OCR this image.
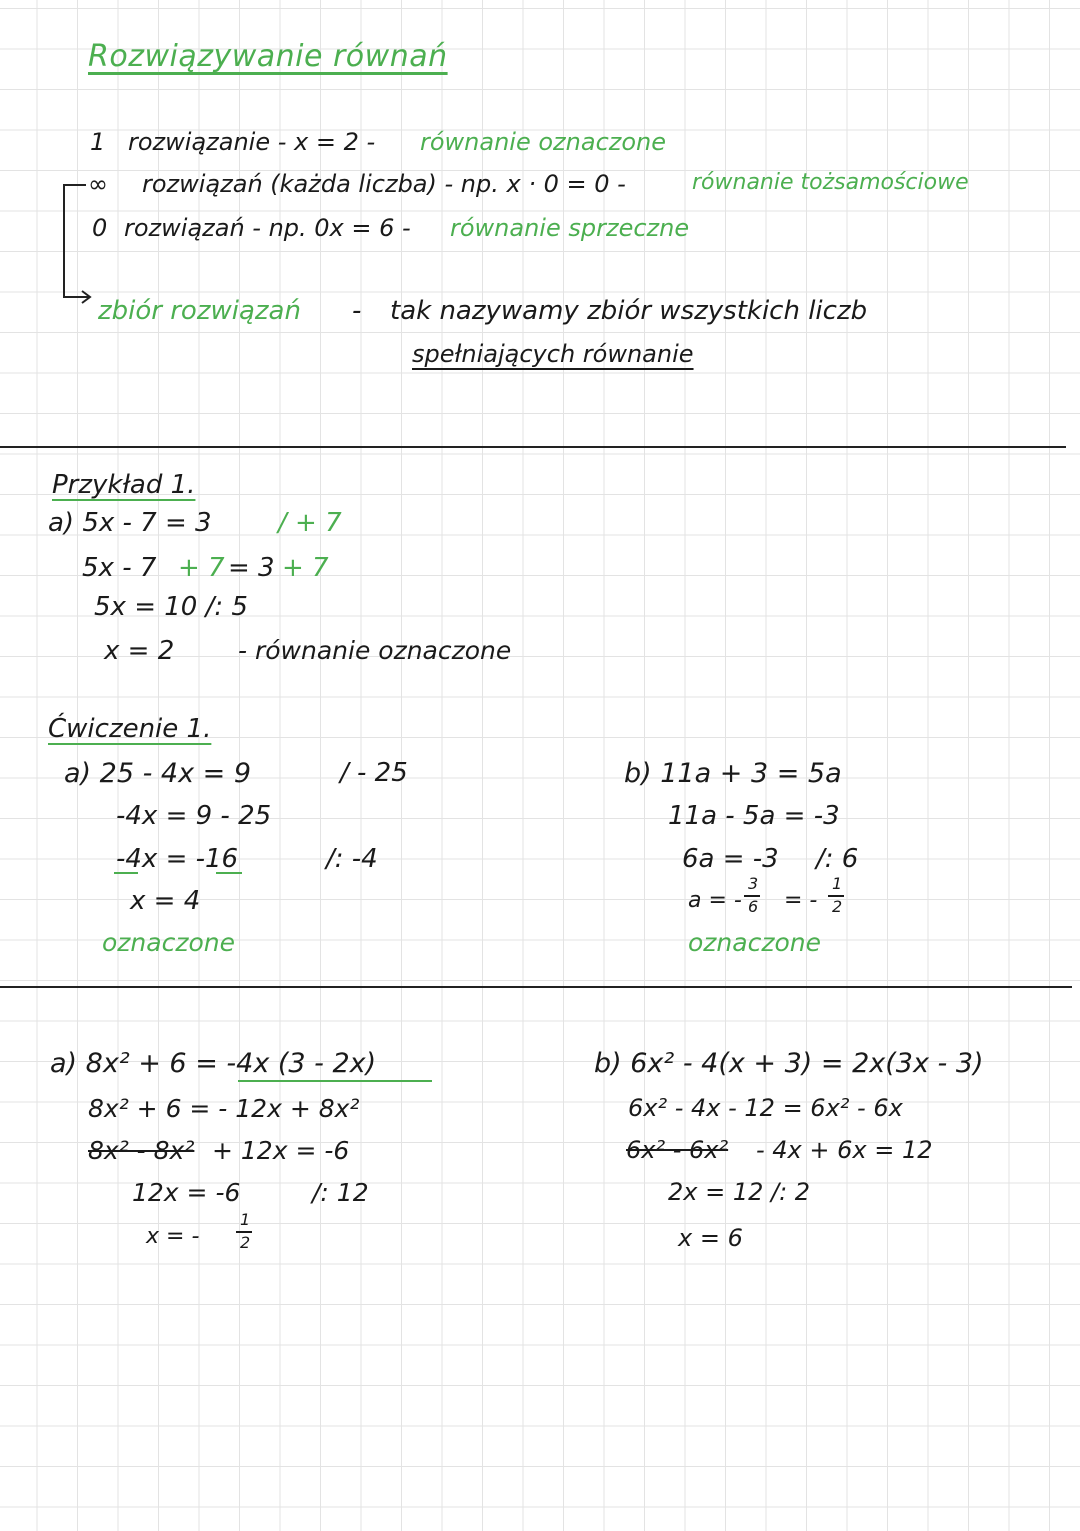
Rozwiązywanie równań
1 rozwiązanie - x = 2 - równanie oznaczone
∞ rozwiązań (każda liczba) - np. x · 0 = 0 -	równanie tożsamościowe
0 rozwiązań - np. 0x = 6 - równanie sprzeczne
zbiór rozwiązań - tak nazywamy zbiór wszystkich liczb
spełniających równanie
Przykład 1.
a) 5x - 7 = 3	/ + 7
5x - 7 + 7 = 3 + 7
5x = 10 /: 5
x = 2	- równanie oznaczone
Ćwiczenie 1.
a) 25 - 4x = 9	/ - 25
-4x = 9 - 25
-4x = -16	/: -4
x = 4
oznaczone
b) 11a + 3 = 5a
11a - 5a = -3
6a = -3 /: 6
a = -
3
6 = -
1
2
oznaczone
a) 8x² + 6 = -4x (3 - 2x)
8x² + 6 = - 12x + 8x²
8x² - 8x² + 12x = -6
12x = -6	/: 12
x = -
1
2
b) 6x² - 4(x + 3) = 2x(3x - 3)
6x² - 4x - 12 = 6x² - 6x
6x² - 6x² - 4x + 6x = 12
2x = 12 /: 2
x = 6
